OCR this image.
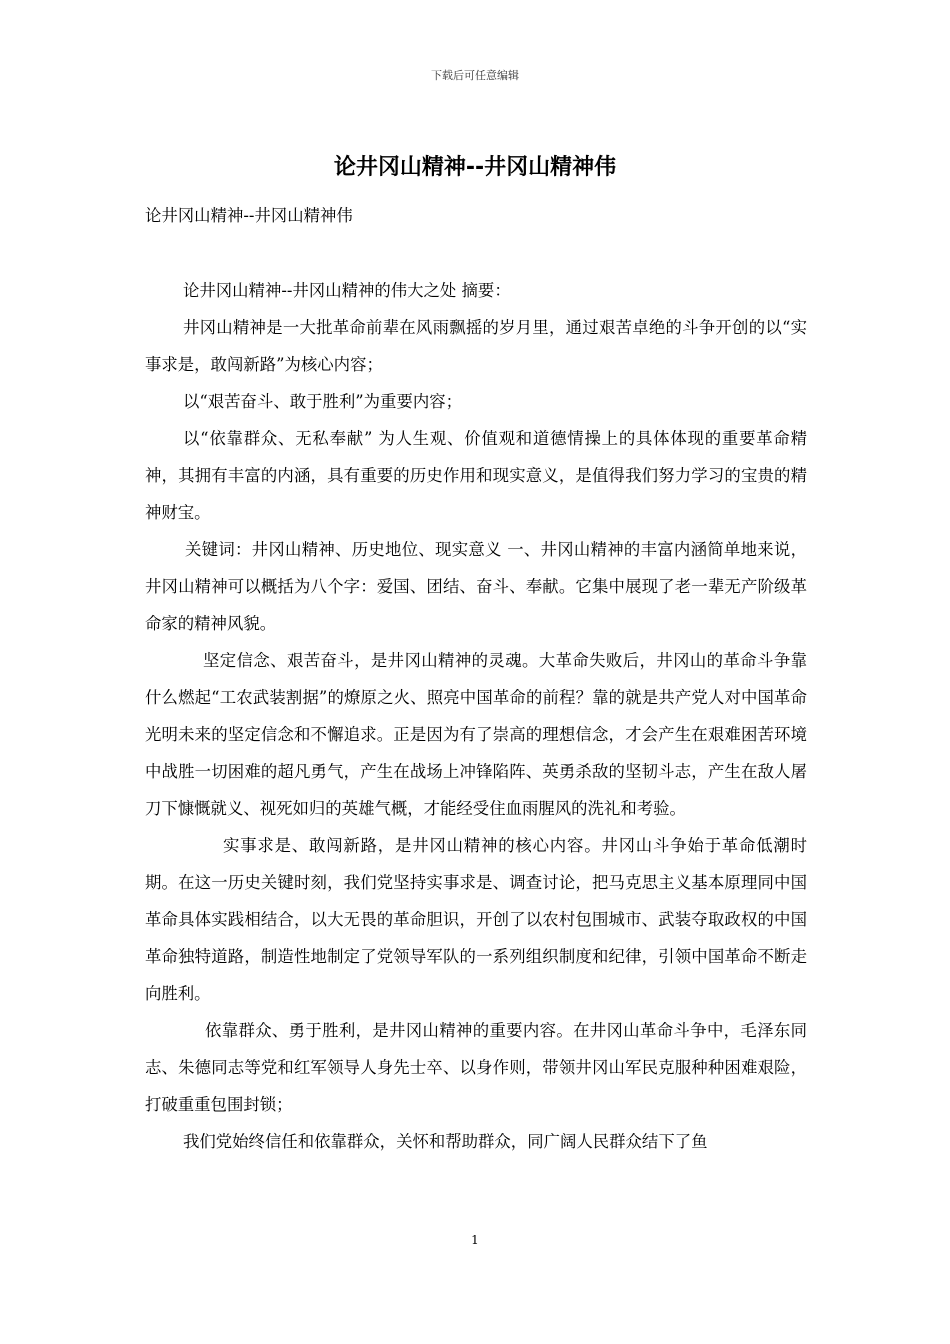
下载后可任意编辑
论井冈山精神--井冈山精神伟

论井冈山精神--井冈山精神伟

论井冈山精神--井冈山精神的伟大之处 摘要：

井冈山精神是一大批革命前辈在风雨飘摇的岁月里，通过艰苦卓绝的斗争开创的以“实事求是，敢闯新路”为核心内容；

以“艰苦奋斗、敢于胜利”为重要内容；

以“依靠群众、无私奉献” 为人生观、价值观和道德情操上的具体体现的重要革命精神，其拥有丰富的内涵，具有重要的历史作用和现实意义，是值得我们努力学习的宝贵的精神财宝。

关键词：井冈山精神、历史地位、现实意义 一、井冈山精神的丰富内涵简单地来说，井冈山精神可以概括为八个字：爱国、团结、奋斗、奉献。它集中展现了老一辈无产阶级革命家的精神风貌。

坚定信念、艰苦奋斗，是井冈山精神的灵魂。大革命失败后，井冈山的革命斗争靠什么燃起“工农武装割据”的燎原之火、照亮中国革命的前程？靠的就是共产党人对中国革命光明未来的坚定信念和不懈追求。正是因为有了崇高的理想信念，才会产生在艰难困苦环境中战胜一切困难的超凡勇气，产生在战场上冲锋陷阵、英勇杀敌的坚韧斗志，产生在敌人屠刀下慷慨就义、视死如归的英雄气概，才能经受住血雨腥风的洗礼和考验。

实事求是、敢闯新路，是井冈山精神的核心内容。井冈山斗争始于革命低潮时期。在这一历史关键时刻，我们党坚持实事求是、调查讨论，把马克思主义基本原理同中国革命具体实践相结合，以大无畏的革命胆识，开创了以农村包围城市、武装夺取政权的中国革命独特道路，制造性地制定了党领导军队的一系列组织制度和纪律，引领中国革命不断走向胜利。

依靠群众、勇于胜利，是井冈山精神的重要内容。在井冈山革命斗争中，毛泽东同志、朱德同志等党和红军领导人身先士卒、以身作则，带领井冈山军民克服种种困难艰险，打破重重包围封锁；

我们党始终信任和依靠群众，关怀和帮助群众，同广阔人民群众结下了鱼

1
